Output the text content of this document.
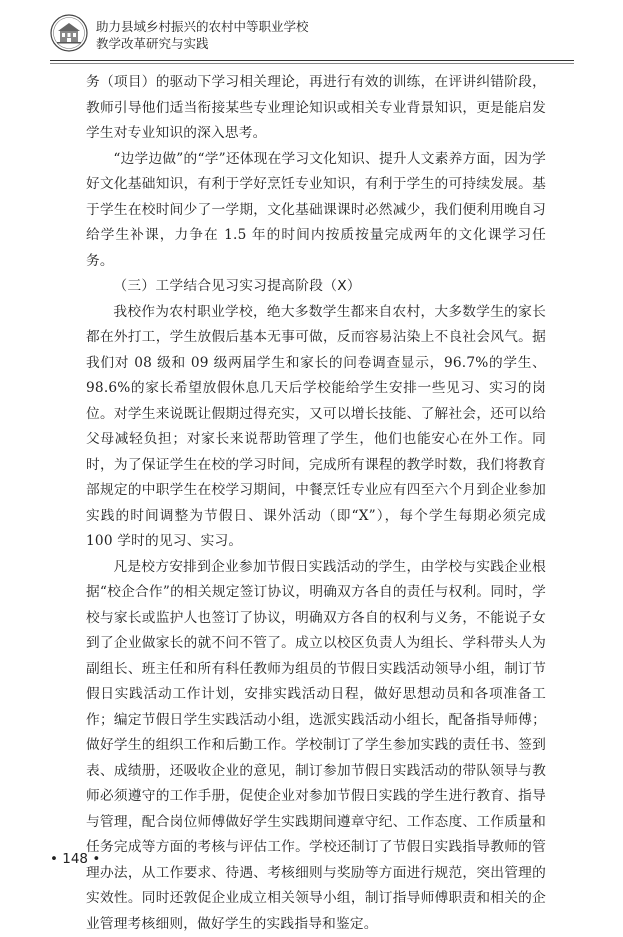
助力县域乡村振兴的农村中等职业学校
教学改革研究与实践

务（项目）的驱动下学习相关理论，再进行有效的训练，在评讲纠错阶段，教师引导他们适当衔接某些专业理论知识或相关专业背景知识，更是能启发学生对专业知识的深入思考。

“边学边做”的“学”还体现在学习文化知识、提升人文素养方面，因为学好文化基础知识，有利于学好烹饪专业知识，有利于学生的可持续发展。基于学生在校时间少了一学期，文化基础课课时必然减少，我们便利用晚自习给学生补课，力争在 1.5 年的时间内按质按量完成两年的文化课学习任务。

（三）工学结合见习实习提高阶段（X）

我校作为农村职业学校，绝大多数学生都来自农村，大多数学生的家长都在外打工，学生放假后基本无事可做，反而容易沾染上不良社会风气。据我们对 08 级和 09 级两届学生和家长的问卷调查显示，96.7%的学生、98.6%的家长希望放假休息几天后学校能给学生安排一些见习、实习的岗位。对学生来说既让假期过得充实，又可以增长技能、了解社会，还可以给父母减轻负担；对家长来说帮助管理了学生，他们也能安心在外工作。同时，为了保证学生在校的学习时间，完成所有课程的教学时数，我们将教育部规定的中职学生在校学习期间，中餐烹饪专业应有四至六个月到企业参加实践的时间调整为节假日、课外活动（即“X”），每个学生每期必须完成 100 学时的见习、实习。

凡是校方安排到企业参加节假日实践活动的学生，由学校与实践企业根据“校企合作”的相关规定签订协议，明确双方各自的责任与权利。同时，学校与家长或监护人也签订了协议，明确双方各自的权利与义务，不能说子女到了企业做家长的就不问不管了。成立以校区负责人为组长、学科带头人为副组长、班主任和所有科任教师为组员的节假日实践活动领导小组，制订节假日实践活动工作计划，安排实践活动日程，做好思想动员和各项准备工作；编定节假日学生实践活动小组，选派实践活动小组长，配备指导师傅；做好学生的组织工作和后勤工作。学校制订了学生参加实践的责任书、签到表、成绩册，还吸收企业的意见，制订参加节假日实践活动的带队领导与教师必须遵守的工作手册，促使企业对参加节假日实践的学生进行教育、指导与管理，配合岗位师傅做好学生实践期间遵章守纪、工作态度、工作质量和任务完成等方面的考核与评估工作。学校还制订了节假日实践指导教师的管理办法，从工作要求、待遇、考核细则与奖励等方面进行规范，突出管理的实效性。同时还敦促企业成立相关领导小组，制订指导师傅职责和相关的企业管理考核细则，做好学生的实践指导和鉴定。

• 148 •
